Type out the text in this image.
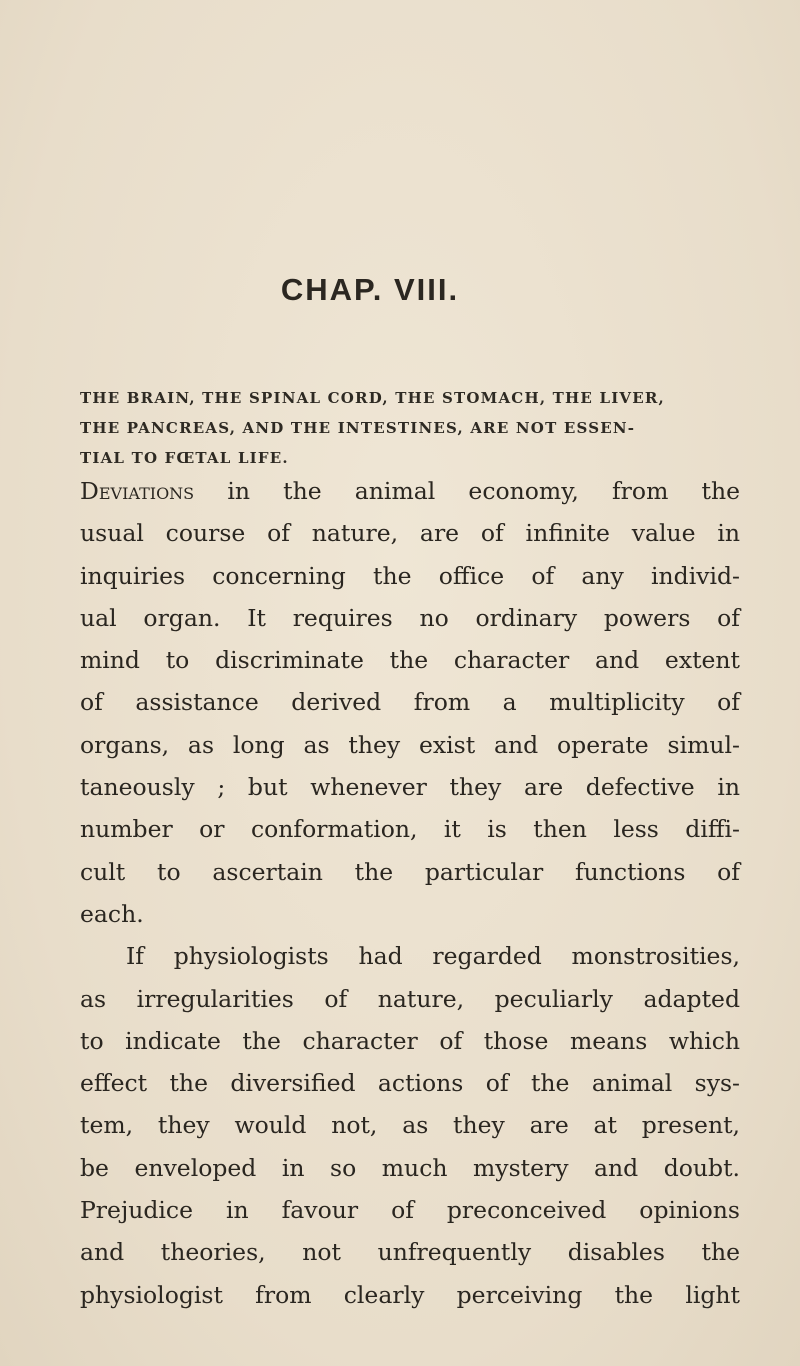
CHAP. VIII.
THE BRAIN, THE SPINAL CORD, THE STOMACH, THE LIVER,
THE PANCREAS, AND THE INTESTINES, ARE NOT ESSEN-
TIAL TO FŒTAL LIFE.

Deviations in the animal economy, from the
usual course of nature, are of infinite value in
inquiries concerning the office of any individ-
ual organ. It requires no ordinary powers of
mind to discriminate the character and extent
of assistance derived from a multiplicity of
organs, as long as they exist and operate simul-
taneously ; but whenever they are defective in
number or conformation, it is then less diffi-
cult to ascertain the particular functions of
each.

If physiologists had regarded monstrosities,
as irregularities of nature, peculiarly adapted
to indicate the character of those means which
effect the diversified actions of the animal sys-
tem, they would not, as they are at present,
be enveloped in so much mystery and doubt.
Prejudice in favour of preconceived opinions
and theories, not unfrequently disables the
physiologist from clearly perceiving the light
